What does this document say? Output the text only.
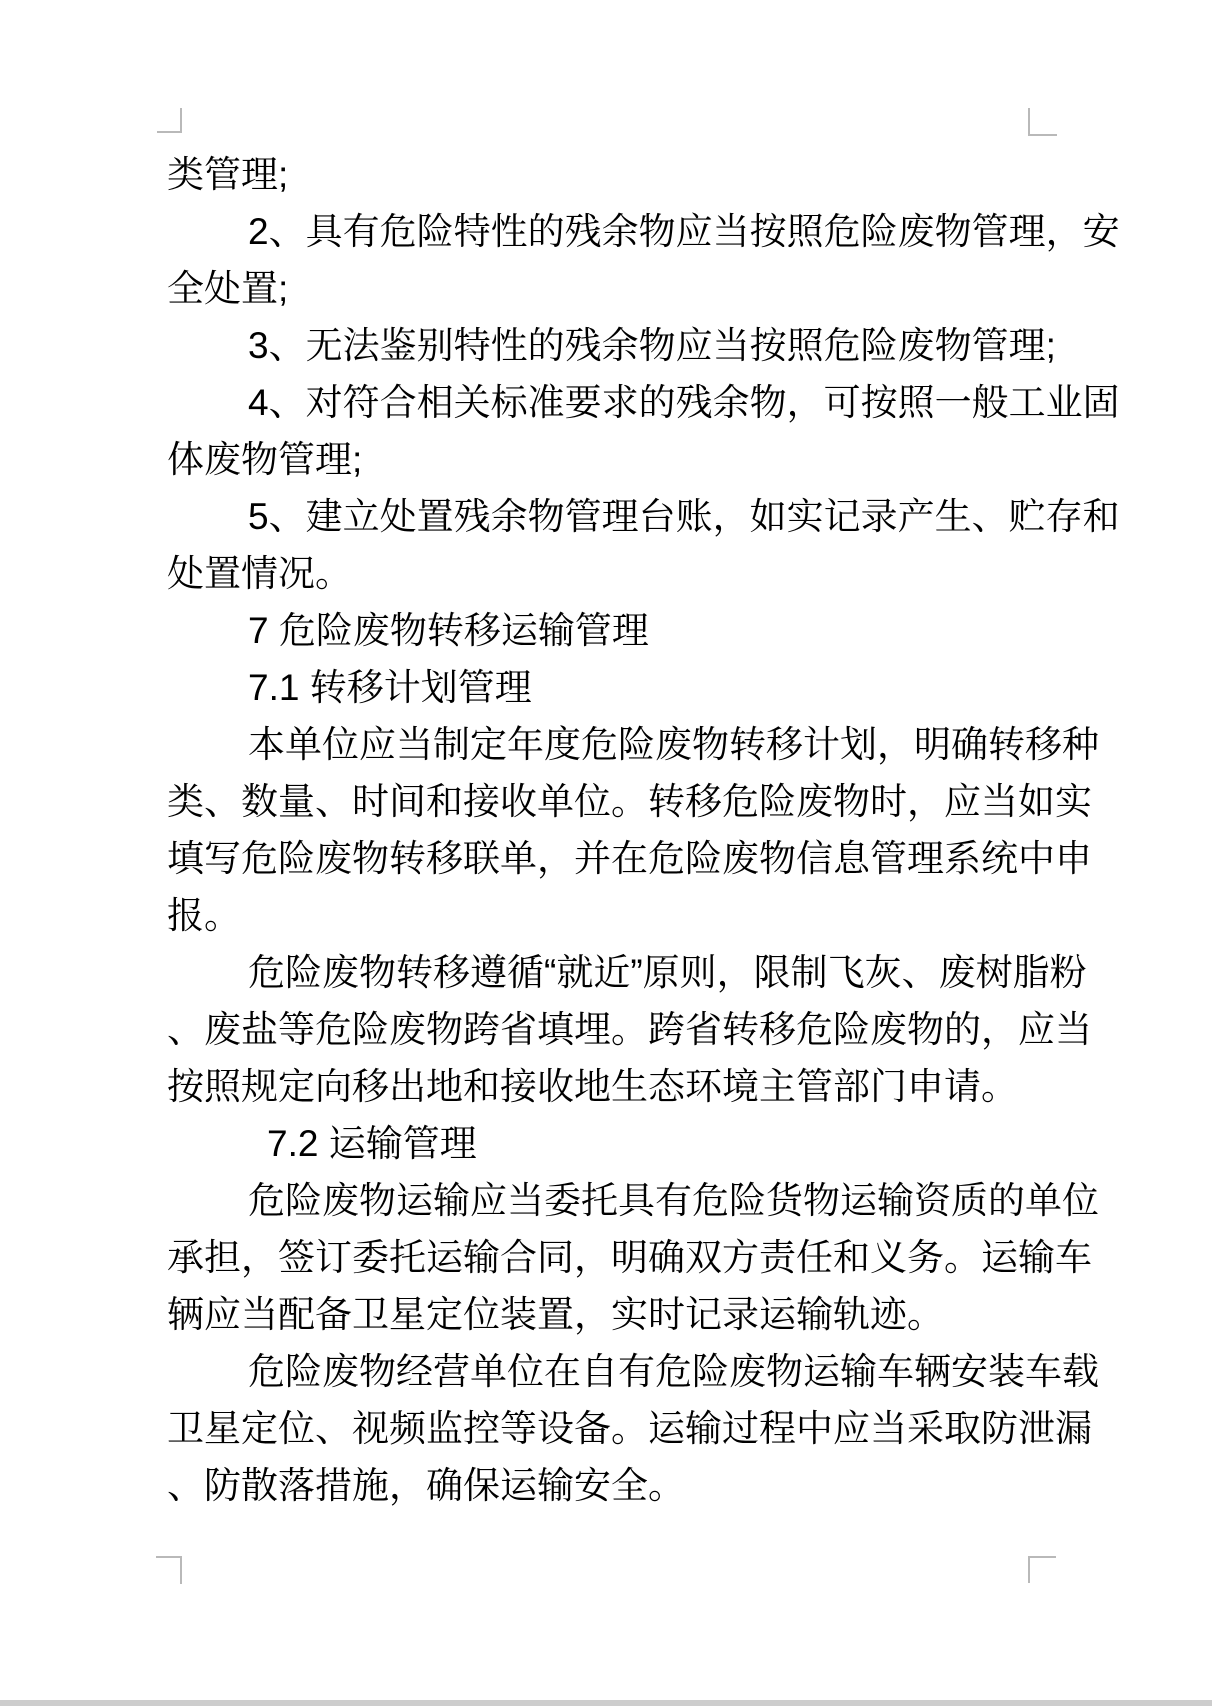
类管理;
2、具有危险特性的残余物应当按照危险废物管理，安
全处置;
3、无法鉴别特性的残余物应当按照危险废物管理;
4、对符合相关标准要求的残余物，可按照一般工业固
体废物管理;
5、建立处置残余物管理台账，如实记录产生、贮存和
处置情况。
7 危险废物转移运输管理
7.1 转移计划管理
本单位应当制定年度危险废物转移计划，明确转移种
类、数量、时间和接收单位。转移危险废物时，应当如实
填写危险废物转移联单，并在危险废物信息管理系统中申
报。
危险废物转移遵循“就近”原则，限制飞灰、废树脂粉
、废盐等危险废物跨省填埋。跨省转移危险废物的，应当
按照规定向移出地和接收地生态环境主管部门申请。
7.2 运输管理
危险废物运输应当委托具有危险货物运输资质的单位
承担，签订委托运输合同，明确双方责任和义务。运输车
辆应当配备卫星定位装置，实时记录运输轨迹。
危险废物经营单位在自有危险废物运输车辆安装车载
卫星定位、视频监控等设备。运输过程中应当采取防泄漏
、防散落措施，确保运输安全。
